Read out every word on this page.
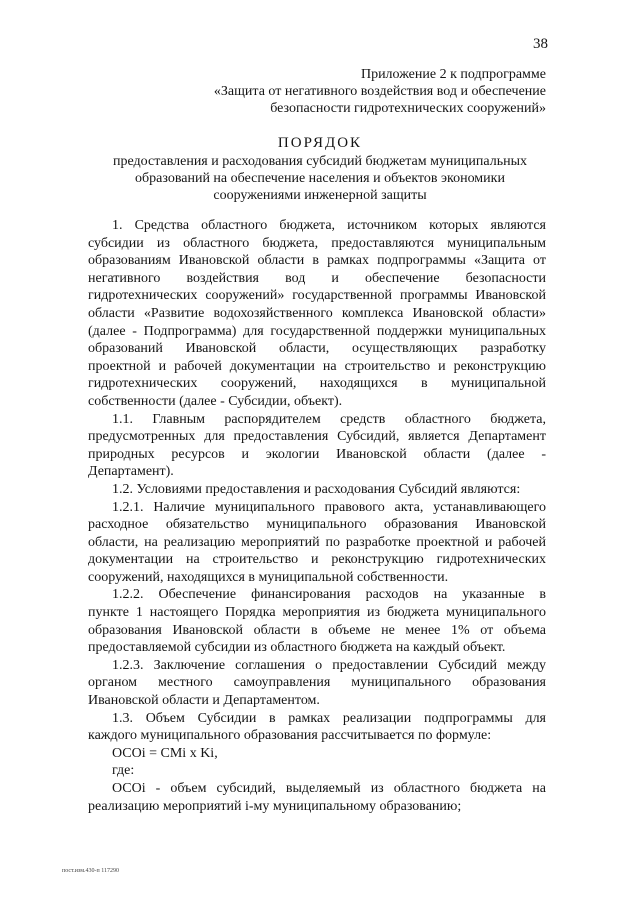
38
Приложение 2 к подпрограмме
«Защита от негативного воздействия вод и обеспечение
безопасности гидротехнических сооружений»
ПОРЯДОК
предоставления и расходования субсидий бюджетам муниципальных
образований на обеспечение населения и объектов экономики
сооружениями инженерной защиты
1. Средства областного бюджета, источником которых являются
субсидии из областного бюджета, предоставляются муниципальным
образованиям Ивановской области в рамках подпрограммы «Защита от
негативного воздействия вод и обеспечение безопасности
гидротехнических сооружений» государственной программы Ивановской
области «Развитие водохозяйственного комплекса Ивановской области»
(далее - Подпрограмма) для государственной поддержки муниципальных
образований Ивановской области, осуществляющих разработку
проектной и рабочей документации на строительство и реконструкцию
гидротехнических сооружений, находящихся в муниципальной
собственности (далее - Субсидии, объект).
1.1. Главным распорядителем средств областного бюджета,
предусмотренных для предоставления Субсидий, является Департамент
природных ресурсов и экологии Ивановской области (далее -
Департамент).
1.2. Условиями предоставления и расходования Субсидий являются:
1.2.1. Наличие муниципального правового акта, устанавливающего
расходное обязательство муниципального образования Ивановской
области, на реализацию мероприятий по разработке проектной и рабочей
документации на строительство и реконструкцию гидротехнических
сооружений, находящихся в муниципальной собственности.
1.2.2. Обеспечение финансирования расходов на указанные в
пункте 1 настоящего Порядка мероприятия из бюджета муниципального
образования Ивановской области в объеме не менее 1% от объема
предоставляемой субсидии из областного бюджета на каждый объект.
1.2.3. Заключение соглашения о предоставлении Субсидий между
органом местного самоуправления муниципального образования
Ивановской области и Департаментом.
1.3. Объем Субсидии в рамках реализации подпрограммы для
каждого муниципального образования рассчитывается по формуле:
ОСОi = СМi x Ki,
где:
ОСОi - объем субсидий, выделяемый из областного бюджета на
реализацию мероприятий i-му муниципальному образованию;
пост.изм.430-п 117290
